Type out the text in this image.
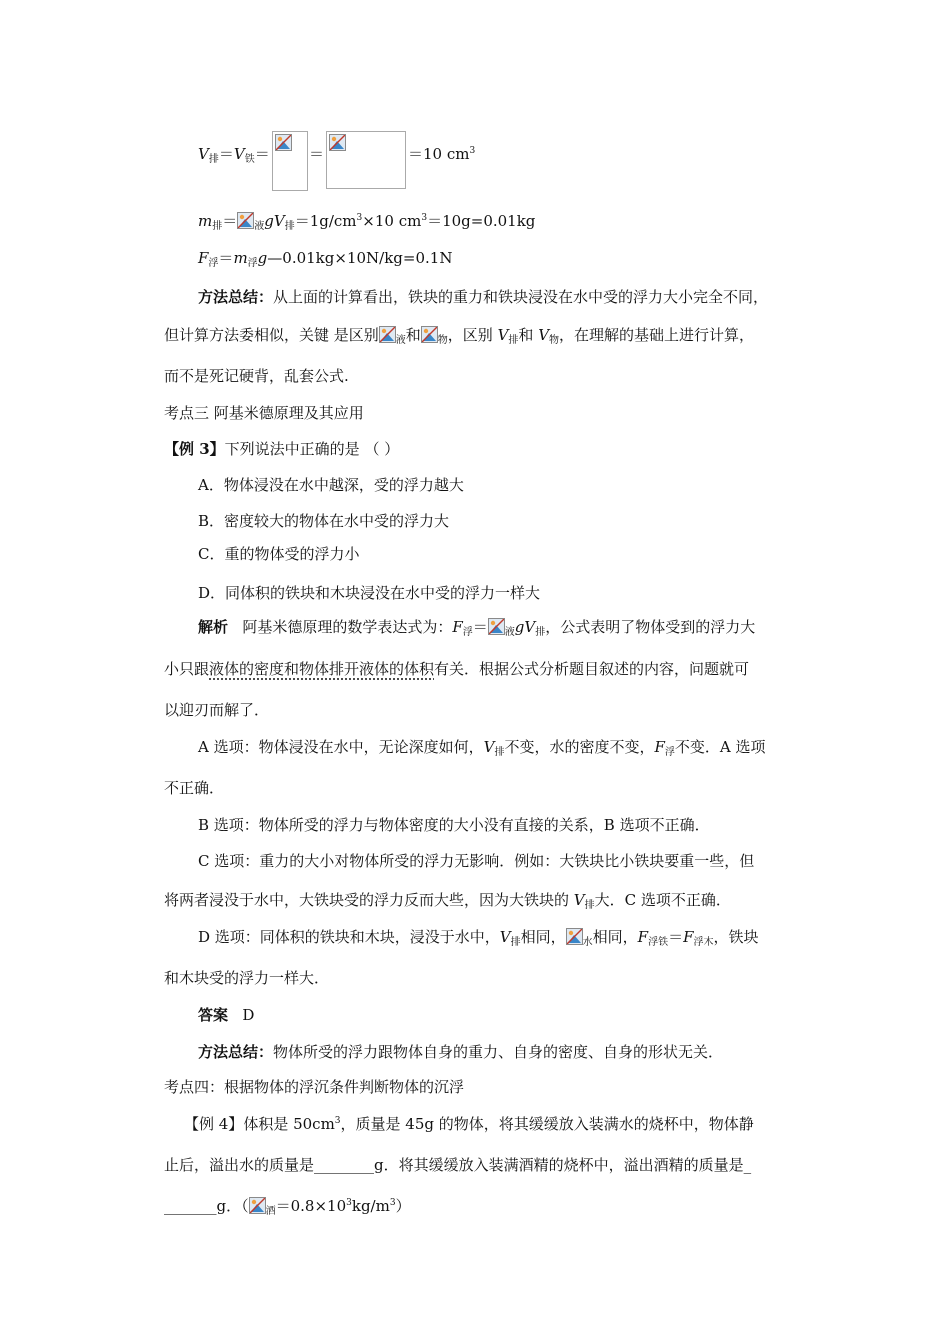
$V_排=V_铁=$	＝	＝10 $cm^3$
$m_排= _液gV_排=1g/cm^3\times 10$ $cm^3=10g=0.01kg$
$F_浮=m_浮g—0.01kg\times 10N/kg=0.1N$
方法总结：从上面的计算看出，铁块的重力和铁块浸没在水中受的浮力大小完全不同，
但计算方法委相似，关键 是区别 $_液$和 $_物$，区别 $V_排$和 $V_物$，在理解的基础上进行计算，
而不是死记硬背，乱套公式.
考点三 阿基米德原理及其应用
【例 3】下列说法中正确的是 （ ）
A．物体浸没在水中越深，受的浮力越大
B．密度较大的物体在水中受的浮力大
C．重的物体受的浮力小
D．同体积的铁块和木块浸没在水中受的浮力一样大
解析 阿基米德原理的数学表达式为：$F_浮= _液gV_排$，公式表明了物体受到的浮力大
小只跟液体的密度和物体排开液体的体积有关．根据公式分析题目叙述的内容，问题就可
以迎刃而解了．
A 选项：物体浸没在水中，无论深度如何，$V_排$不变，水的密度不变，$F_浮$不变．A 选项
不正确．
B 选项：物体所受的浮力与物体密度的大小没有直接的关系，B 选项不正确．
C 选项：重力的大小对物体所受的浮力无影响．例如：大铁块比小铁块要重一些，但
将两者浸没于水中，大铁块受的浮力反而大些，因为大铁块的 $V_排$大．C 选项不正确．
D 选项：同体积的铁块和木块，浸没于水中，$V_排$相同， $_水$相同，$F_{浮铁}=F_{浮木}$，铁块
和木块受的浮力一样大．
答案 D
方法总结：物体所受的浮力跟物体自身的重力、自身的密度、自身的形状无关．
考点四：根据物体的浮沉条件判断物体的沉浮
【例 4】体积是 $50cm^3$，质量是 45g 的物体，将其缓缓放入装满水的烧杯中，物体静
止后，溢出水的质量是________g．将其缓缓放入装满酒精的烧杯中，溢出酒精的质量是_
_______g．（ $_酒=0.8\times 10^3kg/m^3$）
